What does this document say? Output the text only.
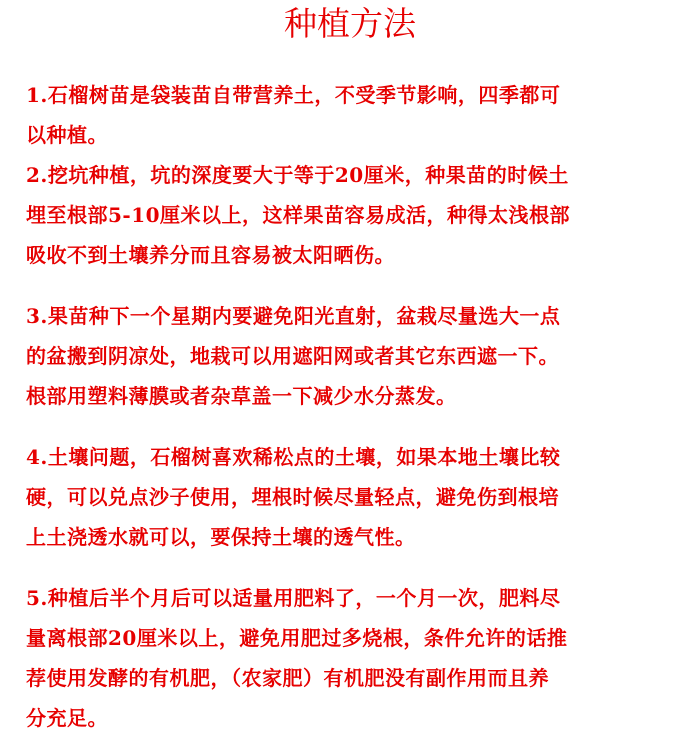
种植方法

1.石榴树苗是袋装苗自带营养土，不受季节影响，四季都可
以种植。

2.挖坑种植，坑的深度要大于等于20厘米，种果苗的时候土
埋至根部5-10厘米以上，这样果苗容易成活，种得太浅根部
吸收不到土壤养分而且容易被太阳晒伤。

3.果苗种下一个星期内要避免阳光直射，盆栽尽量选大一点
的盆搬到阴凉处，地栽可以用遮阳网或者其它东西遮一下。
根部用塑料薄膜或者杂草盖一下减少水分蒸发。

4.土壤问题，石榴树喜欢稀松点的土壤，如果本地土壤比较
硬，可以兑点沙子使用，埋根时候尽量轻点，避免伤到根培
上土浇透水就可以，要保持土壤的透气性。

5.种植后半个月后可以适量用肥料了，一个月一次，肥料尽
量离根部20厘米以上，避免用肥过多烧根，条件允许的话推
荐使用发酵的有机肥，（农家肥）有机肥没有副作用而且养
分充足。
